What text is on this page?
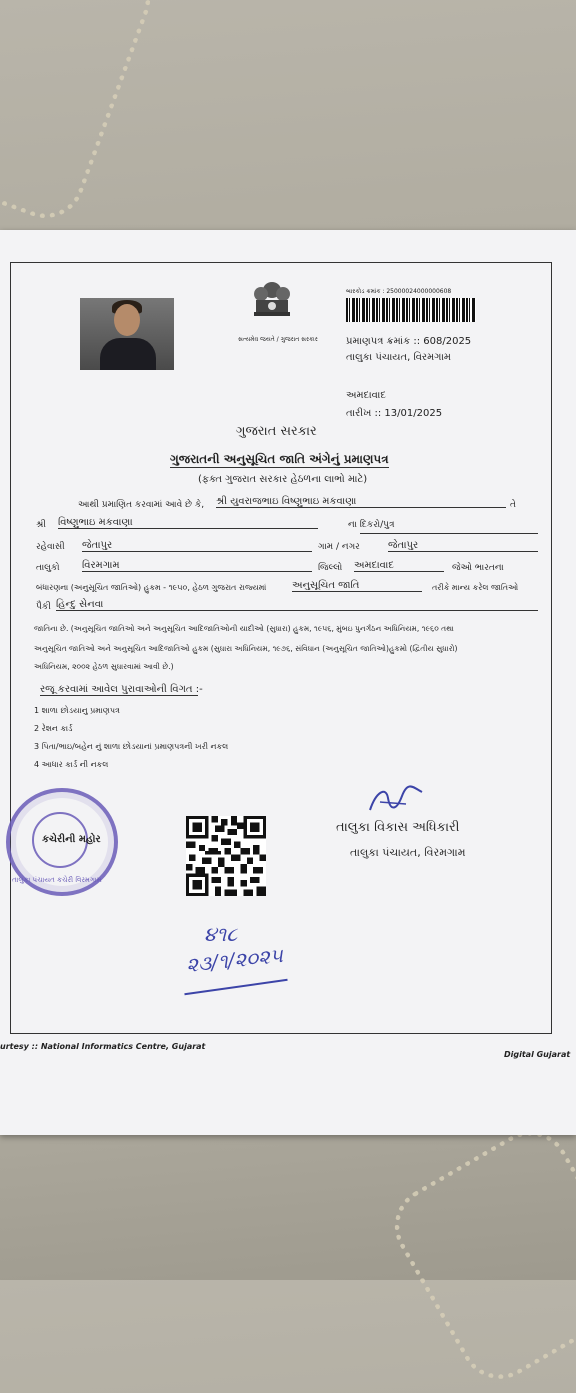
સત્યમેવ જયતે / ગુજરાત સરકાર
બારકોડ ક્રમાંક : 25000024000000608
પ્રમાણપત્ર ક્રમાંક :: 608/2025
તાલુકા પંચાયત, વિરમગામ
અમદાવાદ
તારીખ :: 13/01/2025
ગુજરાત સરકાર
ગુજરાતની અનુસૂચિત જાતિ અંગેનું પ્રમાણપત્ર
(ફક્ત ગુજરાત સરકાર હેઠળના લાભો માટે)
આથી પ્રમાણિત કરવામાં આવે છે કે, શ્રી યુવરાજભાઇ વિષ્ણુભાઇ મકવાણા	તે
શ્રી વિષ્ણુભાઇ મકવાણા	ના દિકરો/પુત્ર
રહેવાસી જેતાપુર	ગામ / નગર	જેતાપુર
તાલુકો વિરમગામ	જિલ્લો અમદાવાદ	જેઓ ભારતના
બંધારણના (અનુસૂચિત જાતિઓ) હુકમ - ૧૯૫૦, હેઠળ ગુજરાત રાજ્યમાં	અનુસૂચિત જાતિ	તરીકે માન્ય કરેલ જાતિઓ
પૈકી હિન્દુ સેનવા
જાતિના છે. (અનુસૂચિત જાતિઓ અને અનુસૂચિત આદિજાતિઓની યાદીઓ (સુધારા) હુકમ, ૧૯૫૬, મુંબઇ પુનર્ગઠન અધિનિયમ, ૧૯૬૦ તથા
અનુસૂચિત જાતિઓ અને અનુસૂચિત આદિજાતિઓ હુકમ (સુધારા અધિનિયમ, ૧૯૭૬, સંવિધાન (અનુસૂચિત જાતિઓ)હુકમો (દ્વિતીય સુધારો)
અધિનિયમ, ૨૦૦૨ હેઠળ સુધારવામાં આવી છે.)
રજૂ કરવામાં આવેલ પુરાવાઓની વિગત :-
1 શાળા છોડયાનુ પ્રમાણપત્ર
2 રેશન કાર્ડ
3 પિતા/ભાઇ/બહેન નું શાળા છોડયાનાં પ્રમાણપત્રની ખરી નકલ
4 આધાર કાર્ડ ની નકલ
તાલુકા પંચાયત કચેરી વિરમગામ
કચેરીની મહોર
તાલુકા વિકાસ અધિકારી
તાલુકા પંચાયત, વિરમગામ
૪૧૮
૨૩/૧/૨૦૨૫
urtesy :: National Informatics Centre, Gujarat
Digital Gujarat
